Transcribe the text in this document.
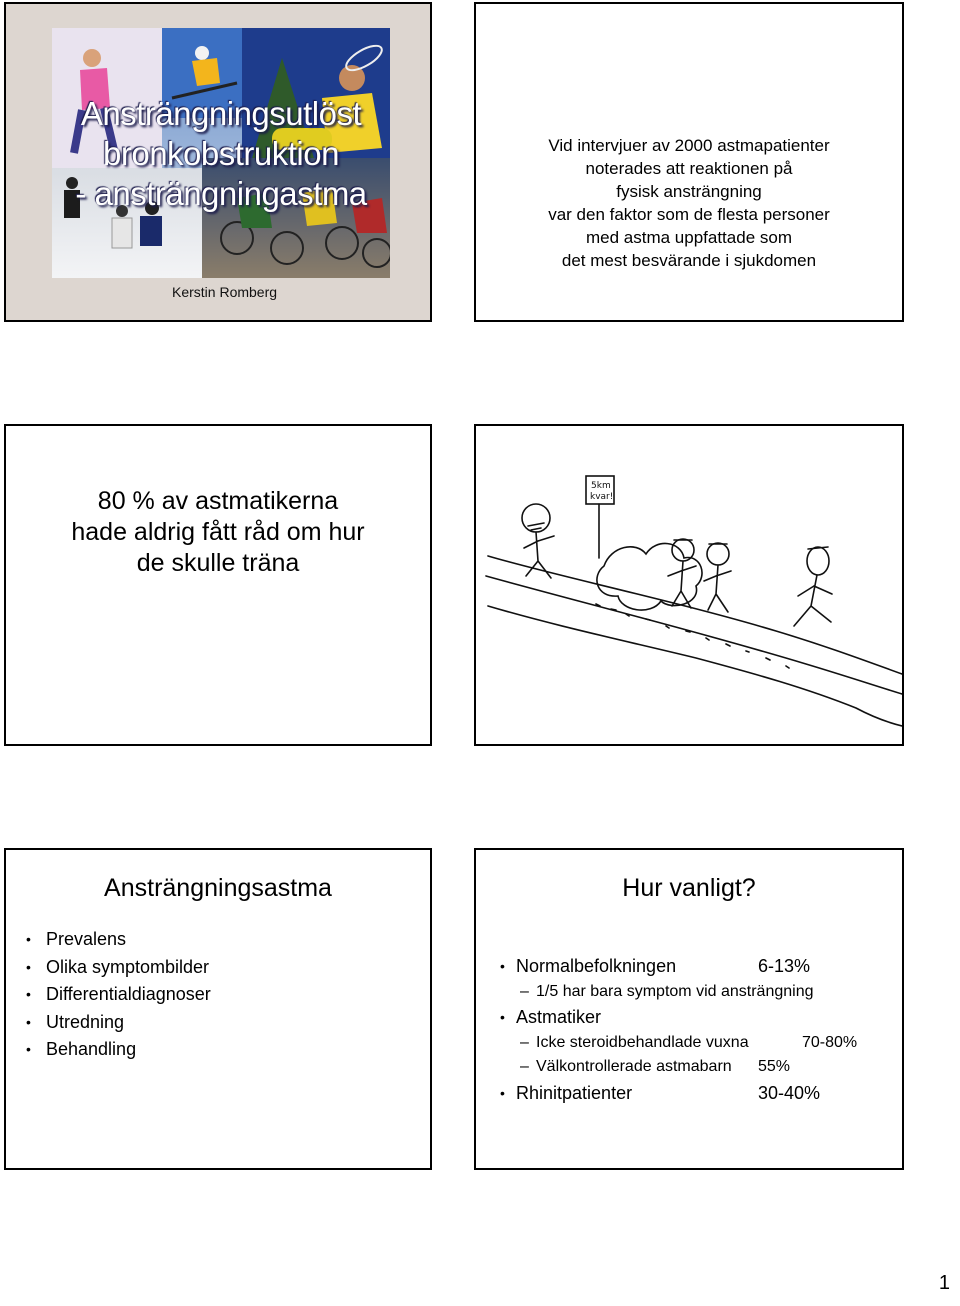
Ansträngningsutlöst
bronkobstruktion
- ansträngningastma
Kerstin Romberg
Vid intervjuer av 2000 astmapatienter
noterades att reaktionen på
fysisk ansträngning
var den faktor som de flesta personer
med astma uppfattade som
det mest besvärande i sjukdomen
80 % av astmatikerna
hade aldrig fått råd om hur
de skulle träna
5km
kvar!
Ansträngningsastma
• Prevalens
• Olika symptombilder
• Differentialdiagnoser
• Utredning
• Behandling
Hur vanligt?
• Normalbefolkningen	6-13%
– 1/5 har bara symptom vid ansträngning
• Astmatiker
– Icke steroidbehandlade vuxna	70-80%
– Välkontrollerade astmabarn 55%
• Rhinitpatienter	30-40%
1
